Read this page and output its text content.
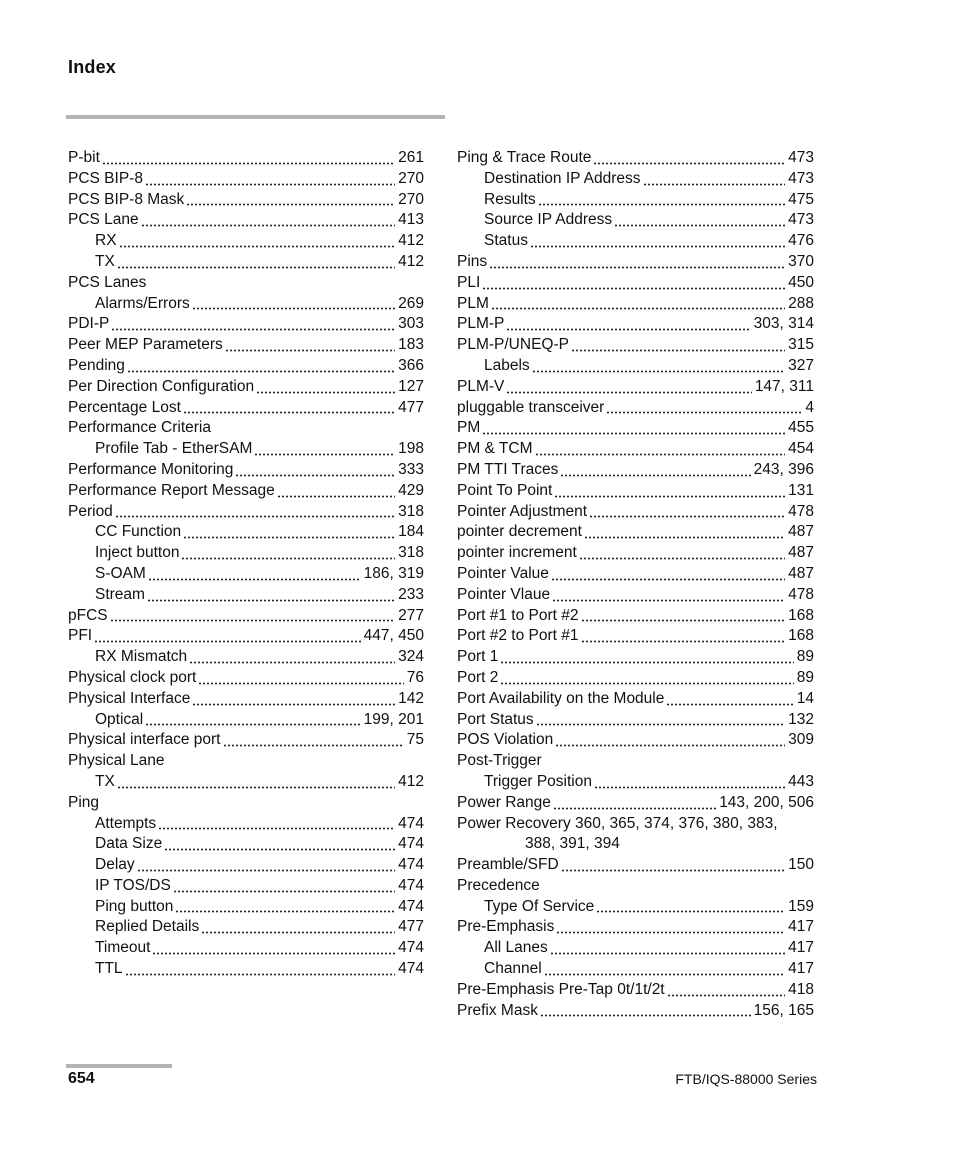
Index
P-bit	261
PCS BIP-8	270
PCS BIP-8 Mask	270
PCS Lane	413
RX	412
TX	412
PCS Lanes
Alarms/Errors	269
PDI-P	303
Peer MEP Parameters	183
Pending	366
Per Direction Configuration	127
Percentage Lost	477
Performance Criteria
Profile Tab - EtherSAM	198
Performance Monitoring	333
Performance Report Message	429
Period	318
CC Function	184
Inject button	318
S-OAM	186, 319
Stream	233
pFCS	277
PFI	447, 450
RX Mismatch	324
Physical clock port	76
Physical Interface	142
Optical	199, 201
Physical interface port	75
Physical Lane
TX	412
Ping
Attempts	474
Data Size	474
Delay	474
IP TOS/DS	474
Ping button	474
Replied Details	477
Timeout	474
TTL	474
Ping & Trace Route	473
Destination IP Address	473
Results	475
Source IP Address	473
Status	476
Pins	370
PLI	450
PLM	288
PLM-P	303, 314
PLM-P/UNEQ-P	315
Labels	327
PLM-V	147, 311
pluggable transceiver	4
PM	455
PM & TCM	454
PM TTI Traces	243, 396
Point To Point	131
Pointer Adjustment	478
pointer decrement	487
pointer increment	487
Pointer Value	487
Pointer Vlaue	478
Port #1 to Port #2	168
Port #2 to Port #1	168
Port 1	89
Port 2	89
Port Availability on the Module	14
Port Status	132
POS Violation	309
Post-Trigger
Trigger Position	443
Power Range	143, 200, 506
Power Recovery 360, 365, 374, 376, 380, 383,
388, 391, 394
Preamble/SFD	150
Precedence
Type Of Service	159
Pre-Emphasis	417
All Lanes	417
Channel	417
Pre-Emphasis Pre-Tap 0t/1t/2t	418
Prefix Mask	156, 165
654	FTB/IQS-88000 Series
